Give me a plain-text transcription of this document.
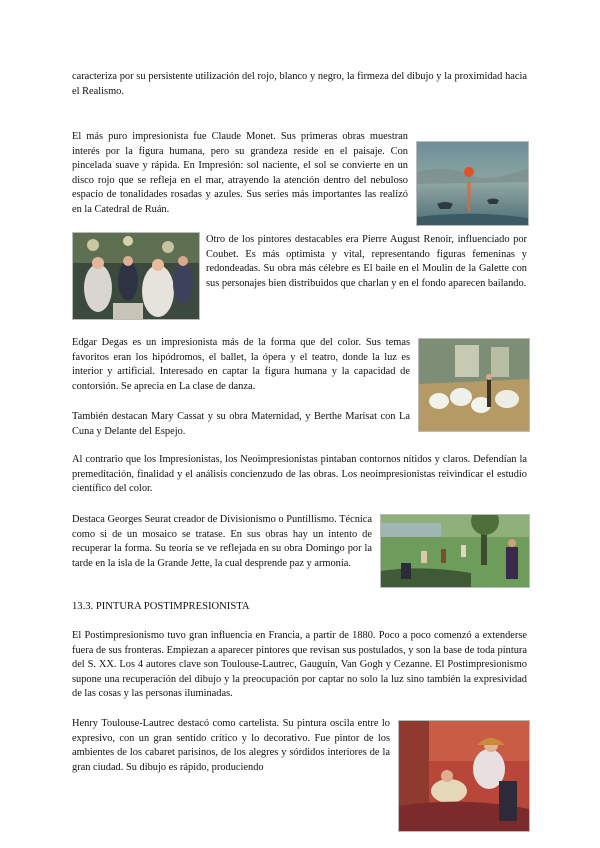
caracteriza por su persistente utilización del rojo, blanco y negro, la firmeza del dibujo y la proximidad hacia el Realismo.

El más puro impresionista fue Claude Monet. Sus primeras obras muestran interés por la figura humana, pero su grandeza reside en el paisaje. Con pincelada suave y rápida. En Impresión: sol naciente, el sol se convierte en un disco rojo que se refleja en el mar, atrayendo la atención dentro del nebuloso espacio de tonalidades rosadas y azules. Sus series más importantes las realizó en la Catedral de Ruán.

Otro de los pintores destacables era Pierre August Renoir, influenciado por Coubet. Es más optimista y vital, representando figuras femeninas y redondeadas. Su obra más célebre es El baile en el Moulin de la Galette con sus personajes bien distribuidos que charlan y en el fondo aparecen bailando.

Edgar Degas es un impresionista más de la forma que del color. Sus temas favoritos eran los hipódromos, el ballet, la ópera y el teatro, donde la luz es interior y artificial. Interesado en captar la figura humana y la capacidad de contorsión. Se aprecia en La clase de danza.

También destacan Mary Cassat y su obra Maternidad, y Berthe Marisat con La Cuna y Delante del Espejo.

Al contrario que los Impresionistas, los Neoimpresionistas pintaban contornos nítidos y claros. Defendían la premeditación, finalidad y el análisis concienzudo de las obras. Los neoimpresionistas reivindicar el estudio científico del color.

Destaca Georges Seurat creador de Divisionismo o Puntillismo. Técnica como si de un mosaico se tratase. En sus obras hay un intento de recuperar la forma. Su teoría se ve reflejada en su obra Domingo por la tarde en la isla de la Grande Jette, la cual desprende paz y armonía.

13.3. PINTURA POSTIMPRESIONISTA

El Postimpresionismo tuvo gran influencia en Francia, a partir de 1880. Poco a poco comenzó a extenderse fuera de sus fronteras. Empiezan a aparecer pintores que revisan sus postulados, y son la base de toda pintura del S. XX. Los 4 autores clave son Toulouse-Lautrec, Gauguin, Van Gogh y Cezanne. El Postimpresionismo supone una recuperación del dibujo y la preocupación por captar no solo la luz sino también la expresividad de las cosas y las personas iluminadas.

Henry Toulouse-Lautrec destacó como cartelista. Su pintura oscila entre lo expresivo, con un gran sentido crítico y lo decorativo. Fue pintor de los ambientes de los cabaret parisinos, de los alegres y sórdidos interiores de la gran ciudad. Su dibujo es rápido, produciendo
